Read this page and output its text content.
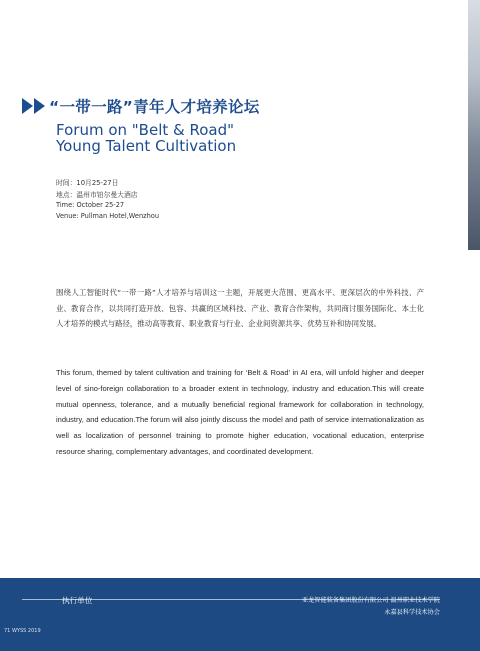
“一带一路”青年人才培养论坛
Forum on "Belt & Road"
Young Talent Cultivation
时间：10月25-27日
地点：温州市铂尔曼大酒店
Time: October 25-27
Venue: Pullman Hotel,Wenzhou
围绕人工智能时代“一带一路”人才培养与培训这一主题，开展更大范围、更高水平、更深层次的中外科技、产业、教育合作，以共同打造开放、包容、共赢的区域科技、产业、教育合作架构，共同商讨服务国际化、本土化人才培养的模式与路径，推动高等教育、职业教育与行业、企业间资源共享、优势互补和协同发展。
This forum, themed by talent cultivation and training for ‘Belt & Road’ in AI era, will unfold higher and deeper level of sino-foreign collaboration to a broader extent in technology, industry and education.This will create mutual openness, tolerance, and a mutually beneficial regional framework for collaboration in technology, industry, and education.The forum will also jointly discuss the model and path of service internationalization as well as localization of personnel training to promote higher education, vocational education, enterprise resource sharing, complementary advantages, and coordinated development.
执行单位	亚龙智能装备集团股份有限公司 温州职业技术学院
永嘉县科学技术协会
71 WYSS 2019
